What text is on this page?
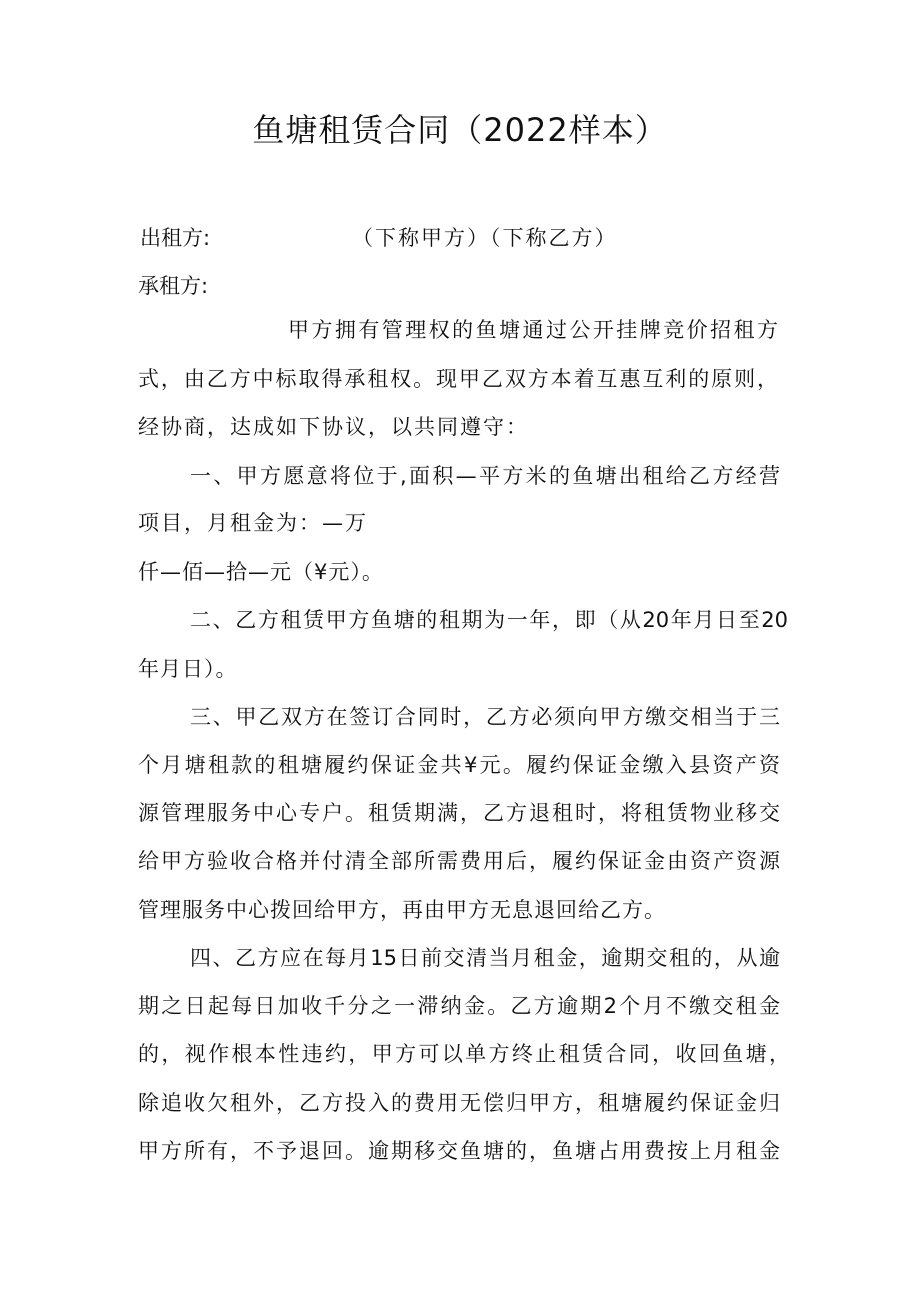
鱼塘租赁合同（2022样本）
出租方:	（下称甲方）（下称乙方）
承租方:
甲方拥有管理权的鱼塘通过公开挂牌竞价招租方
式，由乙方中标取得承租权。现甲乙双方本着互惠互利的原则，
经协商，达成如下协议，以共同遵守：
一、甲方愿意将位于,面积—平方米的鱼塘出租给乙方经营
项目，月租金为：—万
仟—佰—拾—元（¥元）。
二、乙方租赁甲方鱼塘的租期为一年，即（从20年月日至20
年月日）。
三、甲乙双方在签订合同时，乙方必须向甲方缴交相当于三
个月塘租款的租塘履约保证金共¥元。履约保证金缴入县资产资
源管理服务中心专户。租赁期满，乙方退租时，将租赁物业移交
给甲方验收合格并付清全部所需费用后，履约保证金由资产资源
管理服务中心拨回给甲方，再由甲方无息退回给乙方。
四、乙方应在每月15日前交清当月租金，逾期交租的，从逾
期之日起每日加收千分之一滞纳金。乙方逾期2个月不缴交租金
的，视作根本性违约，甲方可以单方终止租赁合同，收回鱼塘，
除追收欠租外，乙方投入的费用无偿归甲方，租塘履约保证金归
甲方所有，不予退回。逾期移交鱼塘的，鱼塘占用费按上月租金
